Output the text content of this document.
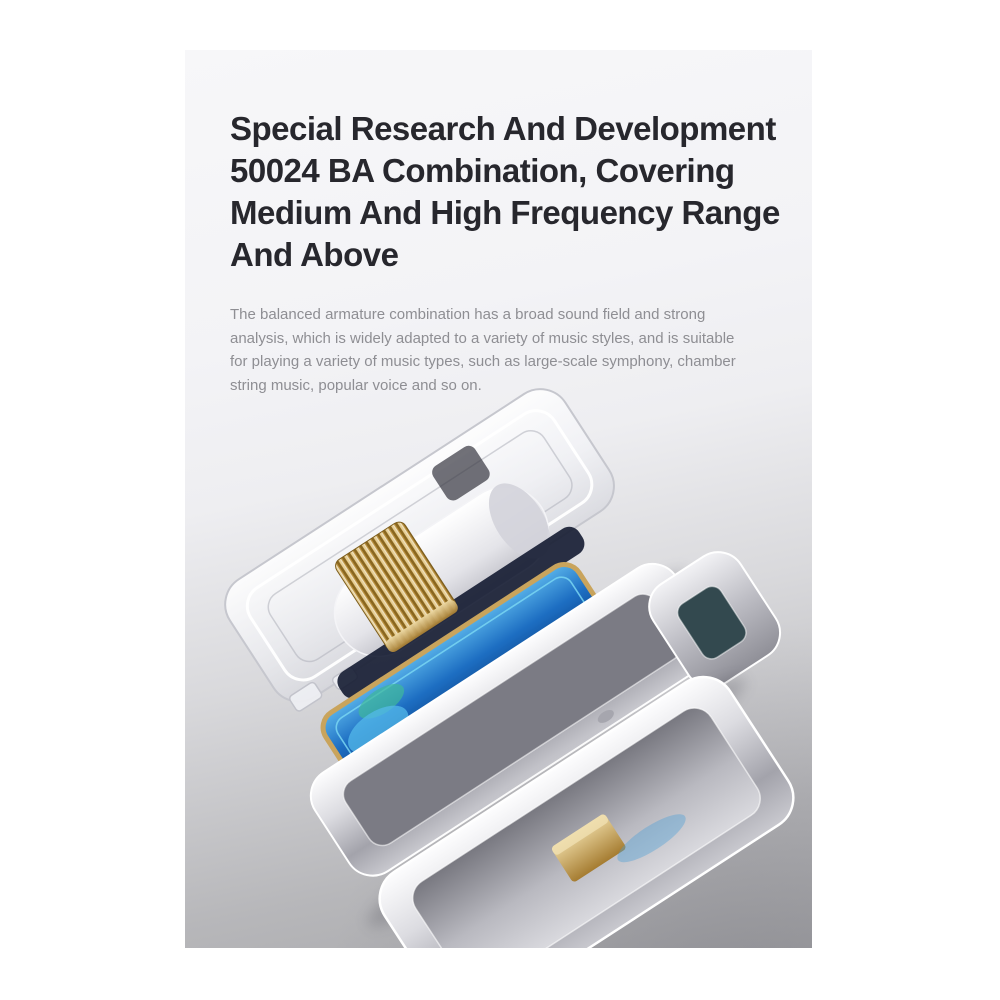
Special Research And Development
50024 BA Combination, Covering
Medium And High Frequency Range
And Above

The balanced armature combination has a broad sound field and strong
analysis, which is widely adapted to a variety of music styles, and is suitable
for playing a variety of music types, such as large-scale symphony, chamber
string music, popular voice and so on.
